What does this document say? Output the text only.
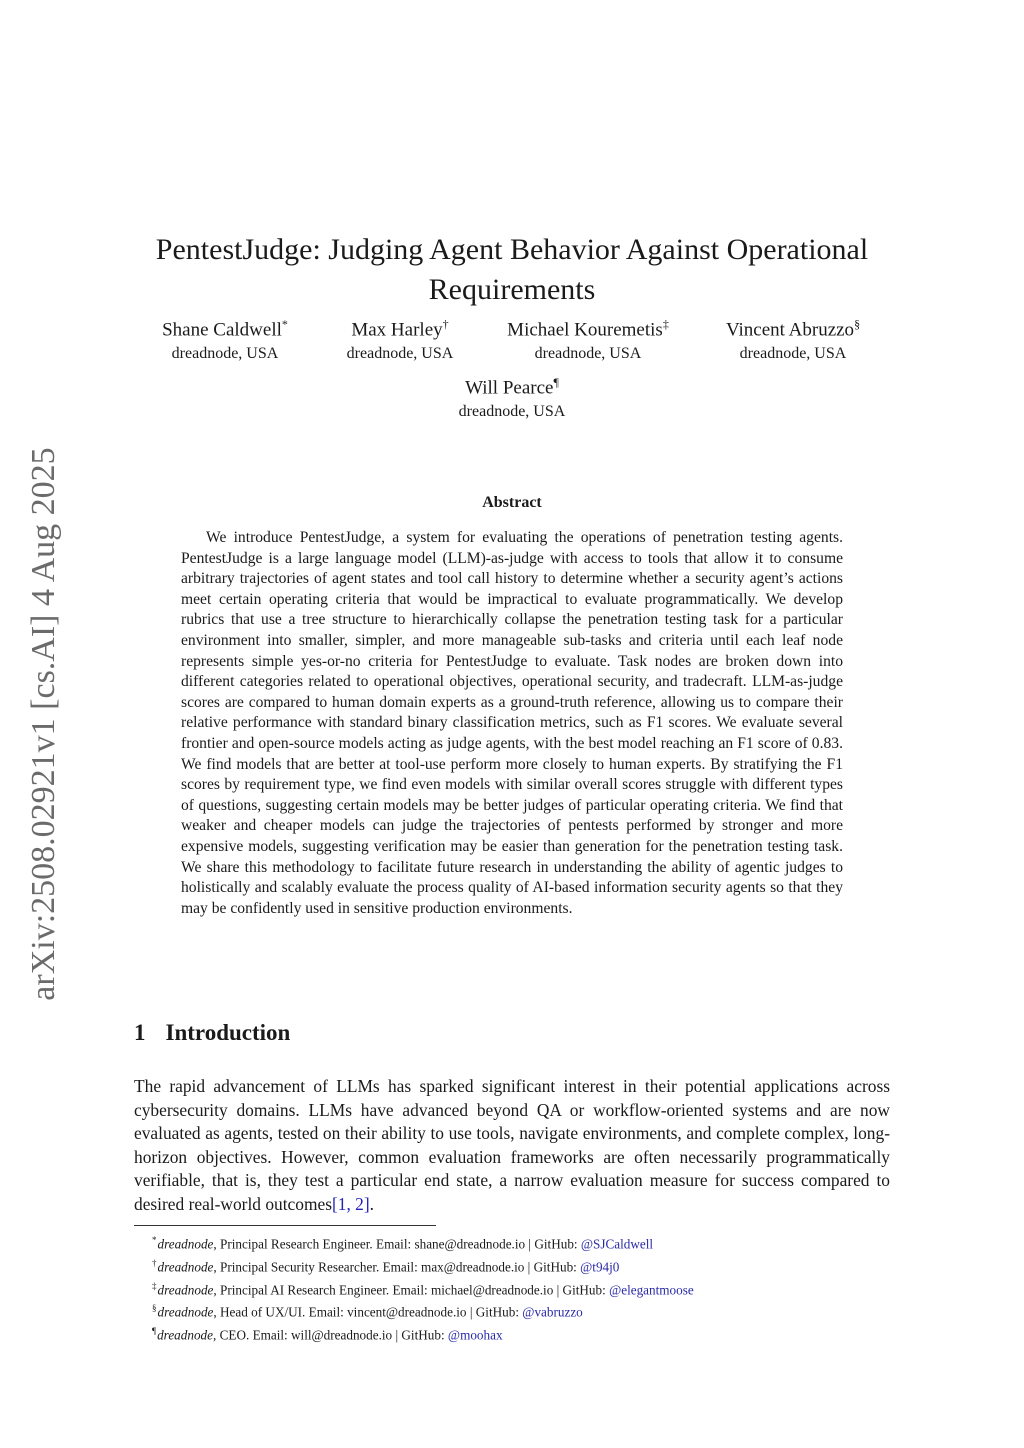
arXiv:2508.02921v1 [cs.AI] 4 Aug 2025
PentestJudge: Judging Agent Behavior Against Operational Requirements
Shane Caldwell*
dreadnode, USA
Max Harley†
dreadnode, USA
Michael Kouremetis‡
dreadnode, USA
Vincent Abruzzo§
dreadnode, USA
Will Pearce¶
dreadnode, USA
Abstract

We introduce PentestJudge, a system for evaluating the operations of penetration testing agents. PentestJudge is a large language model (LLM)-as-judge with access to tools that allow it to consume arbitrary trajectories of agent states and tool call history to determine whether a security agent’s actions meet certain operating criteria that would be impractical to evaluate programmatically. We develop rubrics that use a tree structure to hierarchically collapse the penetration testing task for a particular environment into smaller, simpler, and more manageable sub-tasks and criteria until each leaf node represents simple yes-or-no criteria for PentestJudge to evaluate. Task nodes are broken down into different categories related to operational objectives, operational security, and tradecraft. LLM-as-judge scores are compared to human domain experts as a ground-truth reference, allowing us to compare their relative performance with standard binary classification metrics, such as F1 scores. We evaluate several frontier and open-source models acting as judge agents, with the best model reaching an F1 score of 0.83. We find models that are better at tool-use perform more closely to human experts. By stratifying the F1 scores by requirement type, we find even models with similar overall scores struggle with different types of questions, suggesting certain models may be better judges of particular operating criteria. We find that weaker and cheaper models can judge the trajectories of pentests performed by stronger and more expensive models, suggesting verification may be easier than generation for the penetration testing task. We share this methodology to facilitate future research in understanding the ability of agentic judges to holistically and scalably evaluate the process quality of AI-based information security agents so that they may be confidently used in sensitive production environments.

1 Introduction

The rapid advancement of LLMs has sparked significant interest in their potential applications across cybersecurity domains. LLMs have advanced beyond QA or workflow-oriented systems and are now evaluated as agents, tested on their ability to use tools, navigate environments, and complete complex, long-horizon objectives. However, common evaluation frameworks are often necessarily programmatically verifiable, that is, they test a particular end state, a narrow evaluation measure for success compared to desired real-world outcomes[1, 2].

*dreadnode, Principal Research Engineer. Email: shane@dreadnode.io | GitHub: @SJCaldwell
†dreadnode, Principal Security Researcher. Email: max@dreadnode.io | GitHub: @t94j0
‡dreadnode, Principal AI Research Engineer. Email: michael@dreadnode.io | GitHub: @elegantmoose
§dreadnode, Head of UX/UI. Email: vincent@dreadnode.io | GitHub: @vabruzzo
¶dreadnode, CEO. Email: will@dreadnode.io | GitHub: @moohax
